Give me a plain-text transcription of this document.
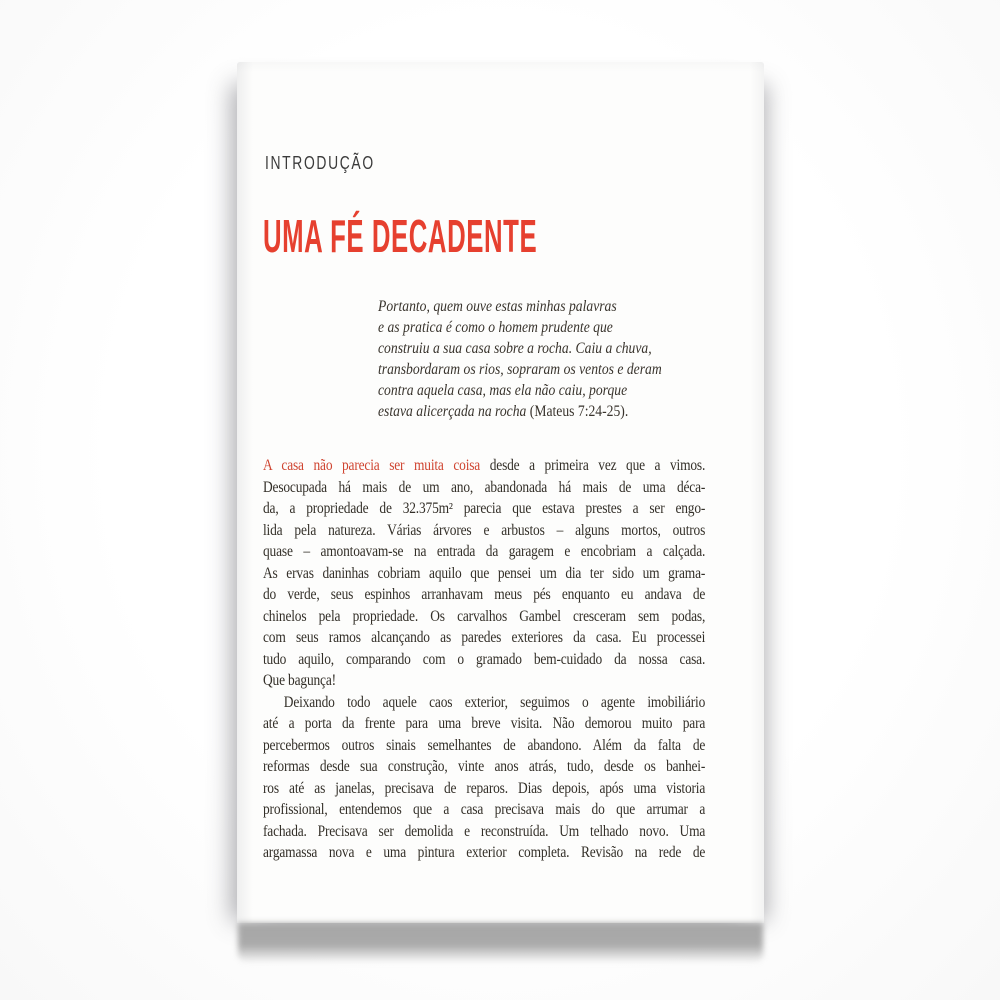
INTRODUÇÃO
UMA FÉ DECADENTE
Portanto, quem ouve estas minhas palavras
e as pratica é como o homem prudente que
construiu a sua casa sobre a rocha. Caiu a chuva,
transbordaram os rios, sopraram os ventos e deram
contra aquela casa, mas ela não caiu, porque
estava alicerçada na rocha (Mateus 7:24-25).
A casa não parecia ser muita coisa desde a primeira vez que a vimos.
Desocupada há mais de um ano, abandonada há mais de uma déca-
da, a propriedade de 32.375m² parecia que estava prestes a ser engo-
lida pela natureza. Várias árvores e arbustos – alguns mortos, outros
quase – amontoavam-se na entrada da garagem e encobriam a calçada.
As ervas daninhas cobriam aquilo que pensei um dia ter sido um grama-
do verde, seus espinhos arranhavam meus pés enquanto eu andava de
chinelos pela propriedade. Os carvalhos Gambel cresceram sem podas,
com seus ramos alcançando as paredes exteriores da casa. Eu processei
tudo aquilo, comparando com o gramado bem-cuidado da nossa casa.
Que bagunça!
Deixando todo aquele caos exterior, seguimos o agente imobiliário
até a porta da frente para uma breve visita. Não demorou muito para
percebermos outros sinais semelhantes de abandono. Além da falta de
reformas desde sua construção, vinte anos atrás, tudo, desde os banhei-
ros até as janelas, precisava de reparos. Dias depois, após uma vistoria
profissional, entendemos que a casa precisava mais do que arrumar a
fachada. Precisava ser demolida e reconstruída. Um telhado novo. Uma
argamassa nova e uma pintura exterior completa. Revisão na rede de
